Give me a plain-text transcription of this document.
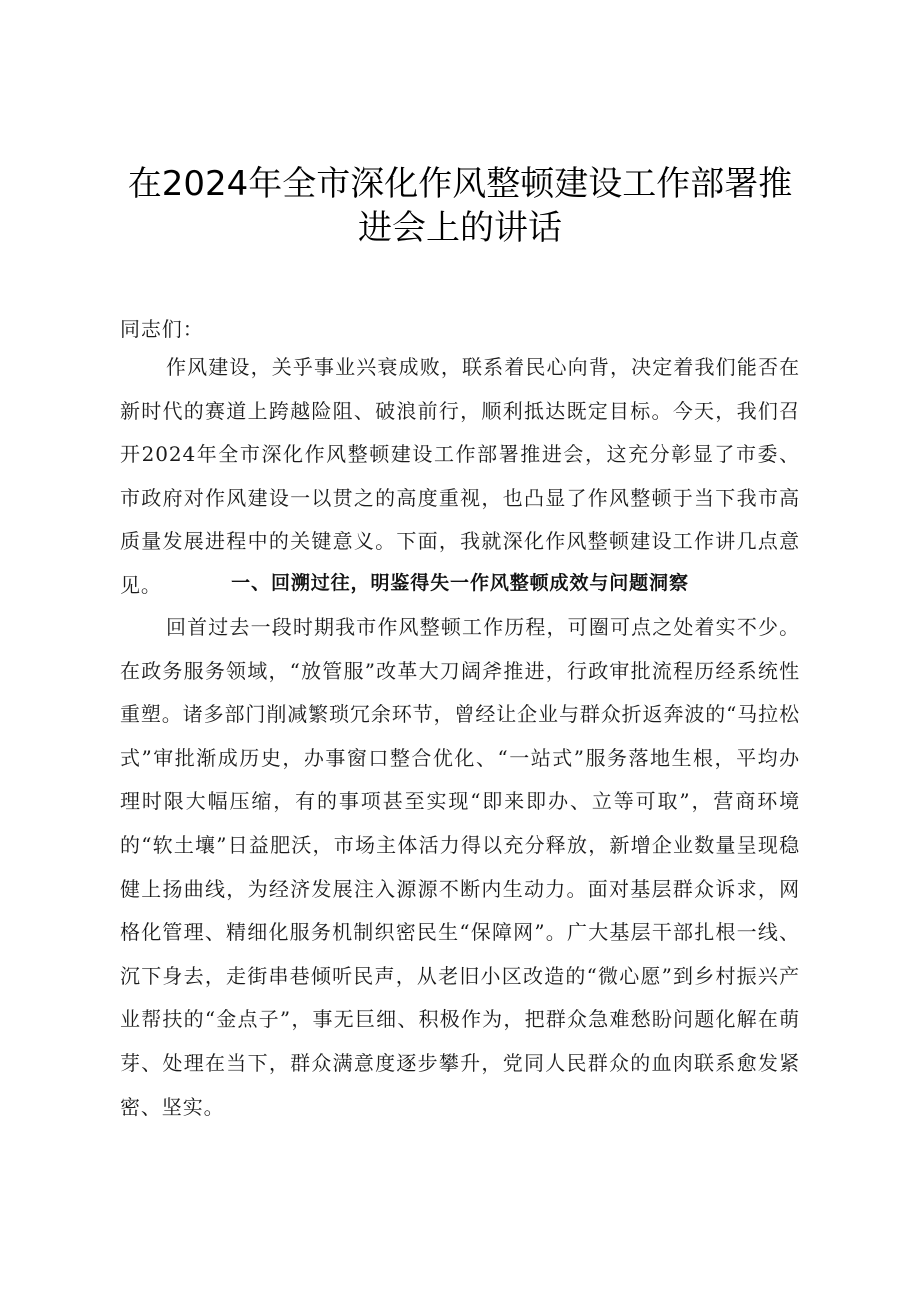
在2024年全市深化作风整顿建设工作部署推
进会上的讲话

同志们：

作风建设，关乎事业兴衰成败，联系着民心向背，决定着我们能否在新时代的赛道上跨越险阻、破浪前行，顺利抵达既定目标。今天，我们召开2024年全市深化作风整顿建设工作部署推进会，这充分彰显了市委、市政府对作风建设一以贯之的高度重视，也凸显了作风整顿于当下我市高质量发展进程中的关键意义。下面，我就深化作风整顿建设工作讲几点意见。	一、回溯过往，明鉴得失一作风整顿成效与问题洞察

回首过去一段时期我市作风整顿工作历程，可圈可点之处着实不少。在政务服务领域，“放管服”改革大刀阔斧推进，行政审批流程历经系统性重塑。诸多部门削减繁琐冗余环节，曾经让企业与群众折返奔波的“马拉松式”审批渐成历史，办事窗口整合优化、“一站式”服务落地生根，平均办理时限大幅压缩，有的事项甚至实现“即来即办、立等可取”，营商环境的“软土壤”日益肥沃，市场主体活力得以充分释放，新增企业数量呈现稳健上扬曲线，为经济发展注入源源不断内生动力。面对基层群众诉求，网格化管理、精细化服务机制织密民生“保障网”。广大基层干部扎根一线、沉下身去，走街串巷倾听民声，从老旧小区改造的“微心愿”到乡村振兴产业帮扶的“金点子”，事无巨细、积极作为，把群众急难愁盼问题化解在萌芽、处理在当下，群众满意度逐步攀升，党同人民群众的血肉联系愈发紧密、坚实。
